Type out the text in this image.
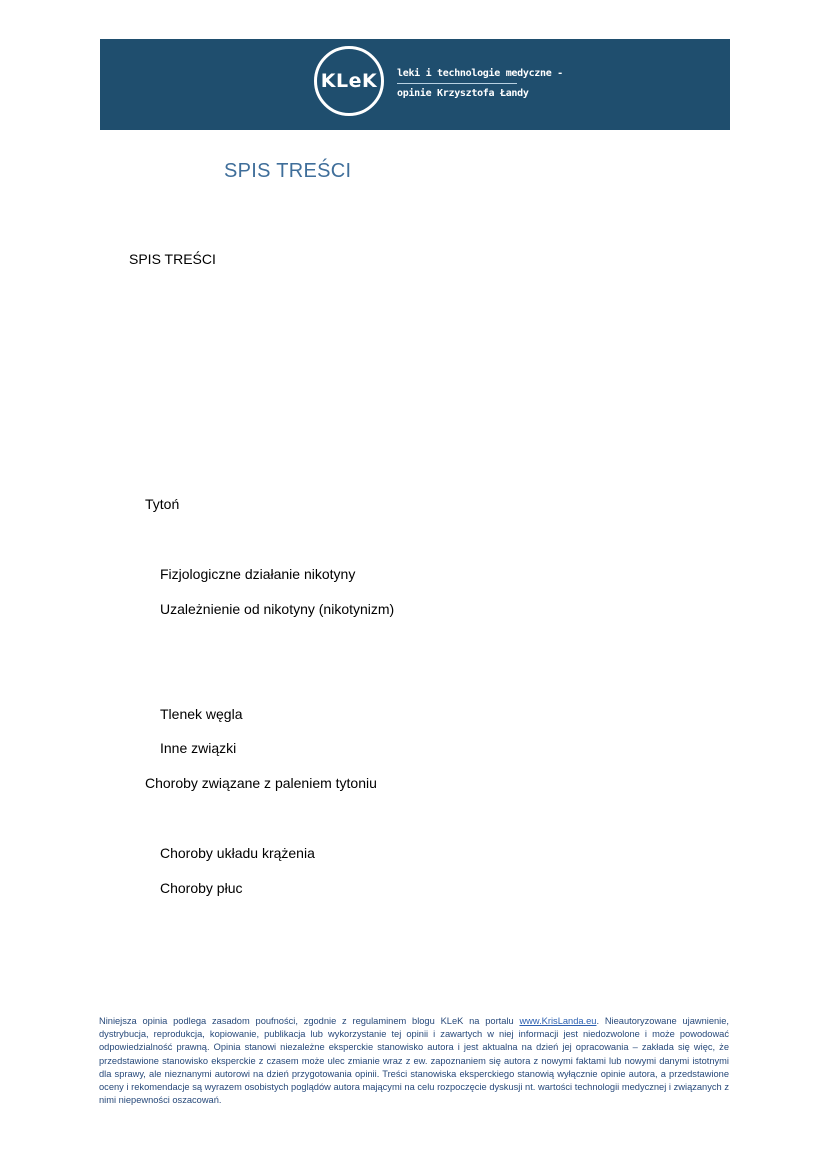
KLeK leki i technologie medyczne -
opinie Krzysztofa Łandy
SPIS TREŚCI
SPIS TREŚCI
Tytoń
Fizjologiczne działanie nikotyny
Uzależnienie od nikotyny (nikotynizm)
Tlenek węgla
Inne związki
Choroby związane z paleniem tytoniu
Choroby układu krążenia
Choroby płuc
Niniejsza opinia podlega zasadom poufności, zgodnie z regulaminem blogu KLeK na portalu www.KrisLanda.eu. Nieautoryzowane ujawnienie, dystrybucja, reprodukcja, kopiowanie, publikacja lub wykorzystanie tej opinii i zawartych w niej informacji jest niedozwolone i może powodować odpowiedzialność prawną. Opinia stanowi niezależne eksperckie stanowisko autora i jest aktualna na dzień jej opracowania – zakłada się więc, że przedstawione stanowisko eksperckie z czasem może ulec zmianie wraz z ew. zapoznaniem się autora z nowymi faktami lub nowymi danymi istotnymi dla sprawy, ale nieznanymi autorowi na dzień przygotowania opinii. Treści stanowiska eksperckiego stanowią wyłącznie opinie autora, a przedstawione oceny i rekomendacje są wyrazem osobistych poglądów autora mającymi na celu rozpoczęcie dyskusji nt. wartości technologii medycznej i związanych z nimi niepewności oszacowań.
